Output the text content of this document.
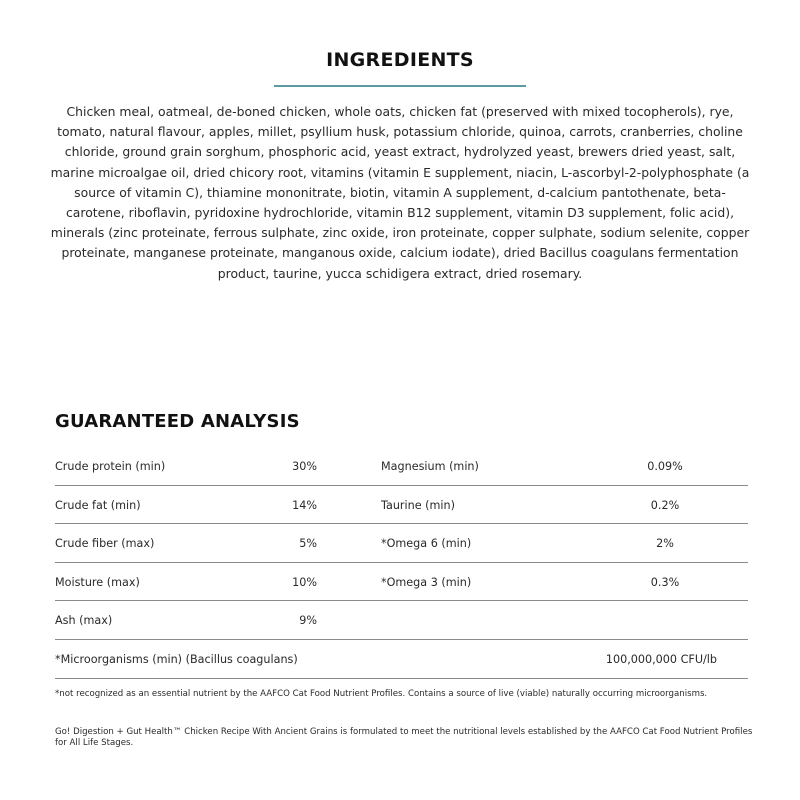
INGREDIENTS

Chicken meal, oatmeal, de-boned chicken, whole oats, chicken fat (preserved with mixed tocopherols), rye, tomato, natural flavour, apples, millet, psyllium husk, potassium chloride, quinoa, carrots, cranberries, choline chloride, ground grain sorghum, phosphoric acid, yeast extract, hydrolyzed yeast, brewers dried yeast, salt, marine microalgae oil, dried chicory root, vitamins (vitamin E supplement, niacin, L-ascorbyl-2-polyphosphate (a source of vitamin C), thiamine mononitrate, biotin, vitamin A supplement, d-calcium pantothenate, beta-carotene, riboflavin, pyridoxine hydrochloride, vitamin B12 supplement, vitamin D3 supplement, folic acid), minerals (zinc proteinate, ferrous sulphate, zinc oxide, iron proteinate, copper sulphate, sodium selenite, copper proteinate, manganese proteinate, manganous oxide, calcium iodate), dried Bacillus coagulans fermentation product, taurine, yucca schidigera extract, dried rosemary.

GUARANTEED ANALYSIS
Crude protein (min)	30%	Magnesium (min)	0.09%
Crude fat (min)	14%	Taurine (min)	0.2%
Crude fiber (max)	5%	*Omega 6 (min)	2%
Moisture (max)	10%	*Omega 3 (min)	0.3%
Ash (max)	9%
*Microorganisms (min) (Bacillus coagulans)	100,000,000 CFU/lb

*not recognized as an essential nutrient by the AAFCO Cat Food Nutrient Profiles. Contains a source of live (viable) naturally occurring microorganisms.

Go! Digestion + Gut Health™ Chicken Recipe With Ancient Grains is formulated to meet the nutritional levels established by the AAFCO Cat Food Nutrient Profiles for All Life Stages.
